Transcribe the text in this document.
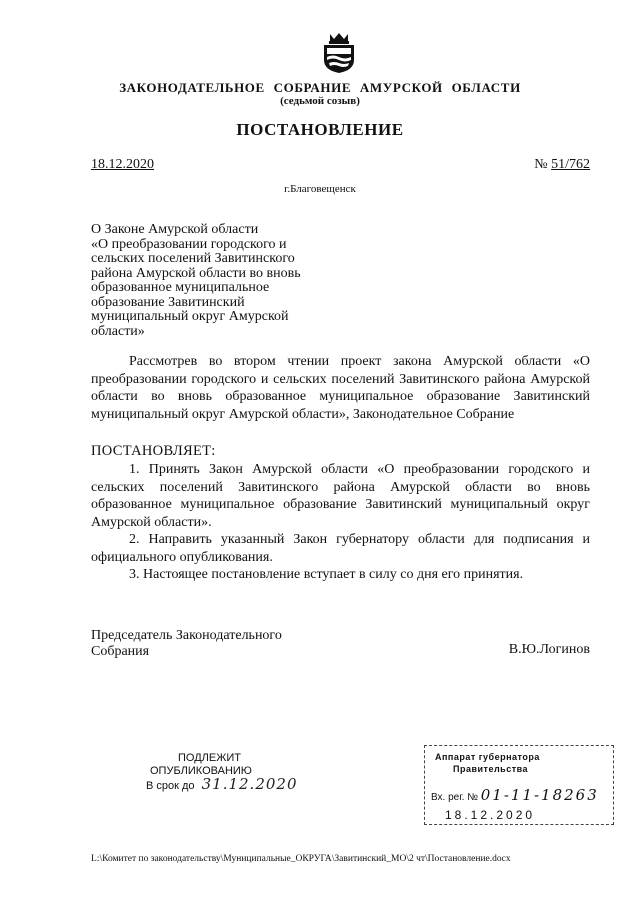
ЗАКОНОДАТЕЛЬНОЕ СОБРАНИЕ АМУРСКОЙ ОБЛАСТИ
(седьмой созыв)
ПОСТАНОВЛЕНИЕ
18.12.2020	№ 51/762
г.Благовещенск
О Законе Амурской области
«О преобразовании городского и
сельских поселений Завитинского
района Амурской области во вновь
образованное муниципальное
образование Завитинский
муниципальный округ Амурской
области»

Рассмотрев во втором чтении проект закона Амурской области «О преобразовании городского и сельских поселений Завитинского района Амурской области во вновь образованное муниципальное образование Завитинский муниципальный округ Амурской области», Законодательное Собрание

ПОСТАНОВЛЯЕТ:

1. Принять Закон Амурской области «О преобразовании городского и сельских поселений Завитинского района Амурской области во вновь образованное муниципальное образование Завитинский муниципальный округ Амурской области».

2. Направить указанный Закон губернатору области для подписания и официального опубликования.

3. Настоящее постановление вступает в силу со дня его принятия.

Председатель Законодательного
Собрания	В.Ю.Логинов
ПОДЛЕЖИТ
ОПУБЛИКОВАНИЮ
В срок до 31.12.2020
Аппарат губернатора
Правительства
Вх. рег. № 01-11-18263
18.12.2020
L:\Комитет по законодательству\Муниципальные_ОКРУГА\Завитинский_МО\2 чт\Постановление.docx
